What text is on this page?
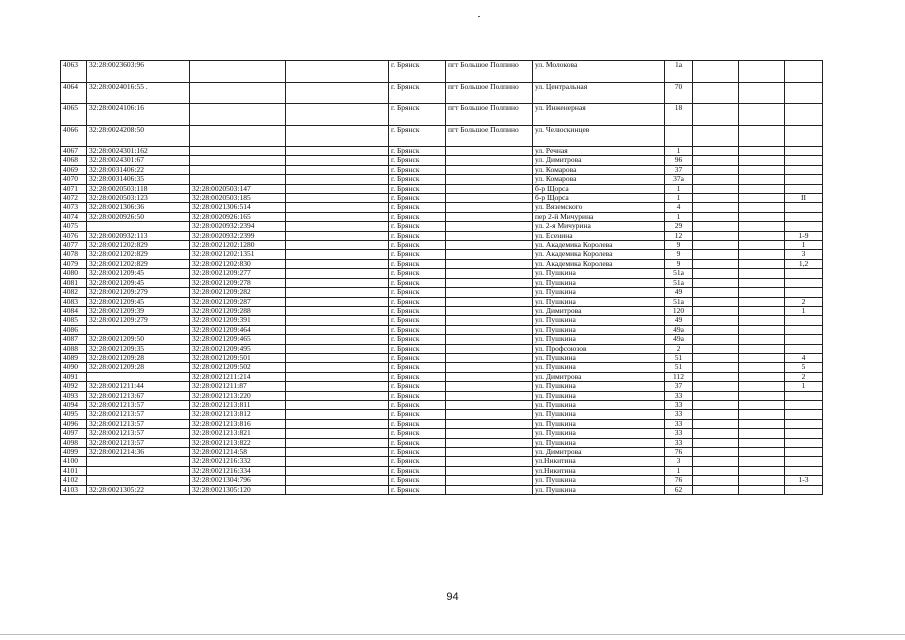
4063	32:28:0023603:96			г. Брянск	пгт Большое Полпино	ул. Молокова	1а			
4064	32:28:0024016:55 .			г. Брянск	пгт Большое Полпино	ул. Центральная	70			
4065	32:28:0024106:16			г. Брянск	пгт Большое Полпино	ул. Инженерная	18			
4066	32:28:0024208:50			г. Брянск	пгт Большое Полпино	ул. Челюскинцев				
4067	32:28:0024301:162			г. Брянск		ул. Речная	1			
4068	32:28:0024301:67			г. Брянск		ул. Димитрова	96			
4069	32:28:0031406:22			г. Брянск		ул. Комарова	37			
4070	32:28:0031406:35			г. Брянск		ул. Комарова	37а			
4071	32:28:0020503:118	32:28:0020503:147		г. Брянск		б-р Щорса	1			
4072	32:28:0020503:123	32:28:0020503:185		г. Брянск		б-р Щорса	1			II
4073	32:28:0021306:36	32:28:0021306:514		г. Брянск		ул. Вяземского	4			
4074	32:28:0020926:50	32:28:0020926:165		г. Брянск		пер 2-й Мичурина	1			
4075		32:28:0020932:2394		г. Брянск		ул. 2-я Мичурина	29			
4076	32:28:0020932:113	32:28:0020932:2399		г. Брянск		ул. Есенина	12			1-9
4077	32:28:0021202:829	32:28:0021202:1280		г. Брянск		ул. Академика Королева	9			1
4078	32:28:0021202:829	32:28:0021202:1351		г. Брянск		ул. Академика Королева	9			3
4079	32:28:0021202:829	32:28:0021202:830		г. Брянск		ул. Академика Королева	9			1,2
4080	32:28:0021209:45	32:28:0021209:277		г. Брянск		ул. Пушкина	51а			
4081	32:28:0021209:45	32:28:0021209:278		г. Брянск		ул. Пушкина	51а			
4082	32:28:0021209:279	32:28:0021209:282		г. Брянск		ул. Пушкина	49			
4083	32:28:0021209:45	32:28:0021209:287		г. Брянск		ул. Пушкина	51а			2
4084	32:28:0021209:39	32:28:0021209:288		г. Брянск		ул. Димитрова	120			1
4085	32:28:0021209:279	32:28:0021209:391		г. Брянск		ул. Пушкина	49			
4086		32:28:0021209:464		г. Брянск		ул. Пушкина	49а			
4087	32:28:0021209:50	32:28:0021209:465		г. Брянск		ул. Пушкина	49а			
4088	32:28:0021209:35	32:28:0021209:495		г. Брянск		ул. Профсоюзов	2			
4089	32:28:0021209:28	32:28:0021209:501		г. Брянск		ул. Пушкина	51			4
4090	32:28:0021209:28	32:28:0021209:502		г. Брянск		ул. Пушкина	51			5
4091		32:28:0021211:214		г. Брянск		ул. Димитрова	112			2
4092	32:28:0021211:44	32:28:0021211:87		г. Брянск		ул. Пушкина	37			1
4093	32:28:0021213:67	32:28:0021213:220		г. Брянск		ул. Пушкина	33			
4094	32:28:0021213:57	32:28:0021213:811		г. Брянск		ул. Пушкина	33			
4095	32:28:0021213:57	32:28:0021213:812		г. Брянск		ул. Пушкина	33			
4096	32:28:0021213:57	32:28:0021213:816		г. Брянск		ул. Пушкина	33			
4097	32:28:0021213:57	32:28:0021213:821		г. Брянск		ул. Пушкина	33			
4098	32:28:0021213:57	32:28:0021213:822		г. Брянск		ул. Пушкина	33			
4099	32:28:0021214:36	32:28:0021214:58		г. Брянск		ул. Димитрова	76			
4100		32:28:0021216:332		г. Брянск		ул.Никитина	3			
4101		32:28:0021216:334		г. Брянск		ул.Никитина	1			
4102		32:28:0021304:796		г. Брянск		ул. Пушкина	76			1-3
4103	32:28:0021305:22	32:28:0021305:120		г. Брянск		ул. Пушкина	62			
94
